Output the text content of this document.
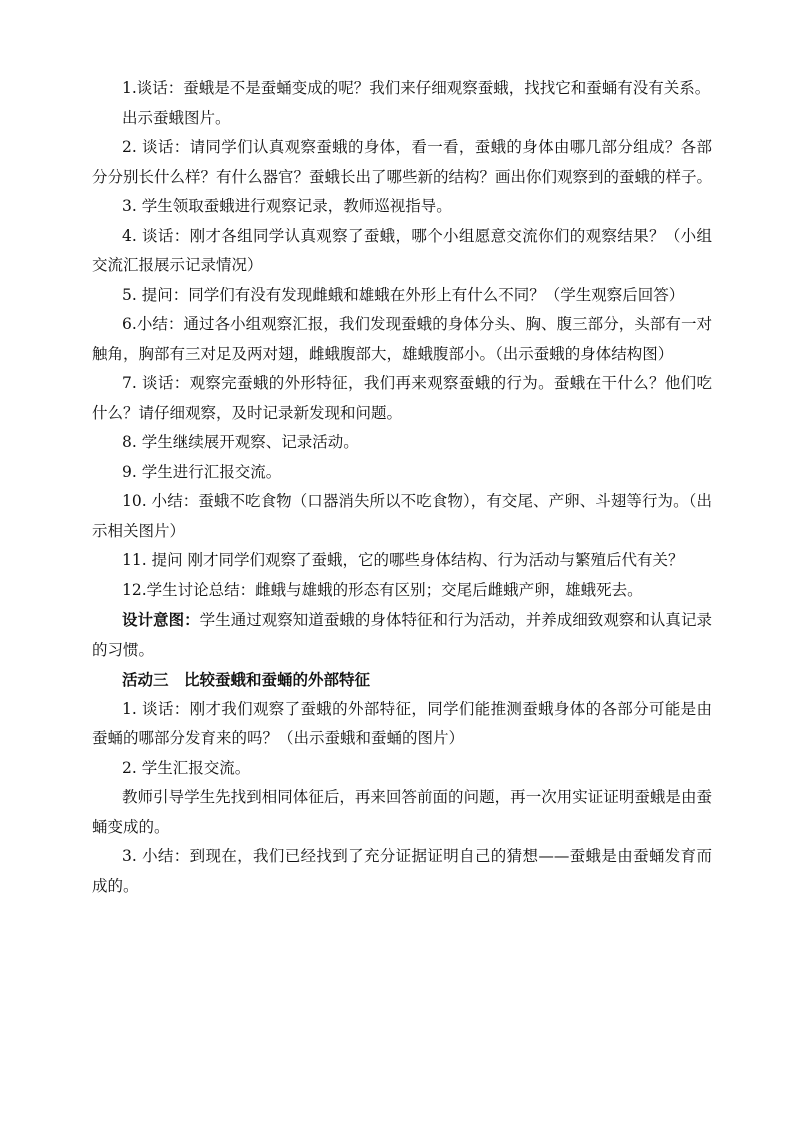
1.谈话：蚕蛾是不是蚕蛹变成的呢？我们来仔细观察蚕蛾，找找它和蚕蛹有没有关系。

出示蚕蛾图片。

2. 谈话：请同学们认真观察蚕蛾的身体，看一看，蚕蛾的身体由哪几部分组成？各部分分别长什么样？有什么器官？蚕蛾长出了哪些新的结构？画出你们观察到的蚕蛾的样子。

3. 学生领取蚕蛾进行观察记录，教师巡视指导。

4. 谈话：刚才各组同学认真观察了蚕蛾，哪个小组愿意交流你们的观察结果？（小组交流汇报展示记录情况）

5. 提问：同学们有没有发现雌蛾和雄蛾在外形上有什么不同？（学生观察后回答）

6.小结：通过各小组观察汇报，我们发现蚕蛾的身体分头、胸、腹三部分，头部有一对触角，胸部有三对足及两对翅，雌蛾腹部大，雄蛾腹部小。（出示蚕蛾的身体结构图）

7. 谈话：观察完蚕蛾的外形特征，我们再来观察蚕蛾的行为。蚕蛾在干什么？他们吃什么？请仔细观察，及时记录新发现和问题。

8. 学生继续展开观察、记录活动。

9. 学生进行汇报交流。

10. 小结：蚕蛾不吃食物（口器消失所以不吃食物），有交尾、产卵、斗翅等行为。（出示相关图片）

11. 提问 刚才同学们观察了蚕蛾，它的哪些身体结构、行为活动与繁殖后代有关？

12.学生讨论总结：雌蛾与雄蛾的形态有区别；交尾后雌蛾产卵，雄蛾死去。

设计意图：学生通过观察知道蚕蛾的身体特征和行为活动，并养成细致观察和认真记录的习惯。

活动三　比较蚕蛾和蚕蛹的外部特征

1. 谈话：刚才我们观察了蚕蛾的外部特征，同学们能推测蚕蛾身体的各部分可能是由蚕蛹的哪部分发育来的吗？（出示蚕蛾和蚕蛹的图片）

2. 学生汇报交流。

教师引导学生先找到相同体征后，再来回答前面的问题，再一次用实证证明蚕蛾是由蚕蛹变成的。

3. 小结：到现在，我们已经找到了充分证据证明自己的猜想——蚕蛾是由蚕蛹发育而成的。
